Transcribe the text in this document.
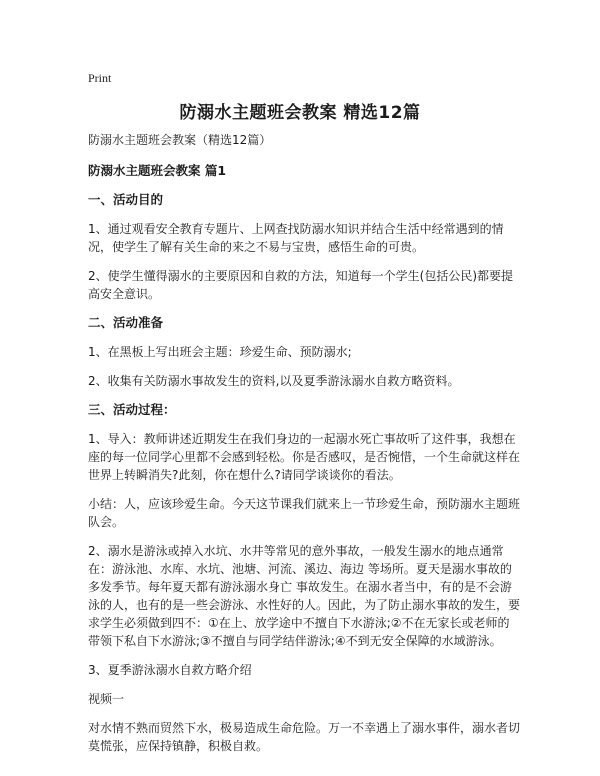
Print
防溺水主题班会教案 精选12篇
防溺水主题班会教案（精选12篇）
防溺水主题班会教案 篇1
一、活动目的
1、通过观看安全教育专题片、上网查找防溺水知识并结合生活中经常遇到的情况，使学生了解有关生命的来之不易与宝贵，感悟生命的可贵。
2、使学生懂得溺水的主要原因和自救的方法，知道每一个学生(包括公民)都要提高安全意识。
二、活动准备
1、在黑板上写出班会主题：珍爱生命、预防溺水;
2、收集有关防溺水事故发生的资料,以及夏季游泳溺水自救方略资料。
三、活动过程：
1、导入：教师讲述近期发生在我们身边的一起溺水死亡事故听了这件事，我想在座的每一位同学心里都不会感到轻松。你是否感叹，是否惋惜，一个生命就这样在世界上转瞬消失?此刻，你在想什么?请同学谈谈你的看法。
小结：人，应该珍爱生命。今天这节课我们就来上一节珍爱生命，预防溺水主题班队会。
2、溺水是游泳或掉入水坑、水井等常见的意外事故，一般发生溺水的地点通常在：游泳池、水库、水坑、池塘、河流、溪边、海边 等场所。夏天是溺水事故的多发季节。每年夏天都有游泳溺水身亡 事故发生。在溺水者当中，有的是不会游泳的人，也有的是一些会游泳、水性好的人。因此，为了防止溺水事故的发生，要求学生必须做到四不：①在上、放学途中不擅自下水游泳;②不在无家长或老师的带领下私自下水游泳;③不擅自与同学结伴游泳;④不到无安全保障的水域游泳。
3、夏季游泳溺水自救方略介绍
视频一
对水情不熟而贸然下水，极易造成生命危险。万一不幸遇上了溺水事件，溺水者切莫慌张，应保持镇静，积极自救。
